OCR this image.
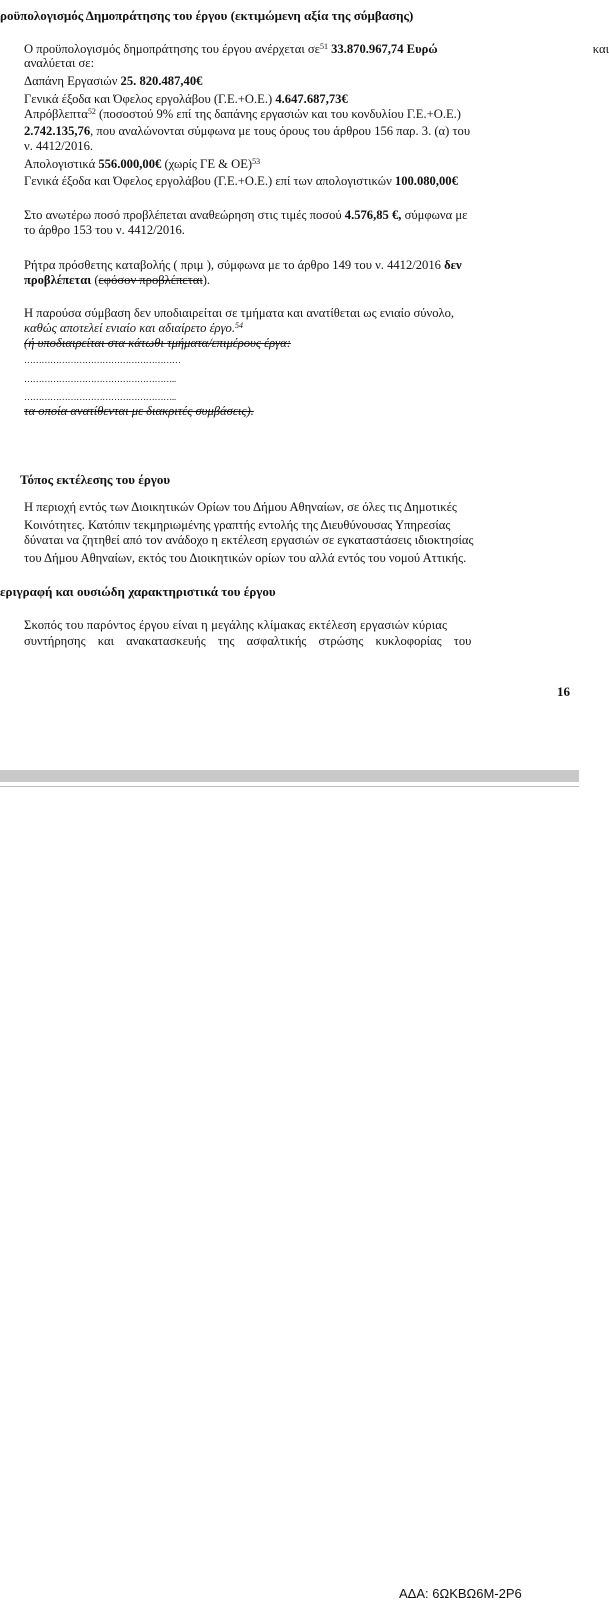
ροϋπολογισμός Δημοπράτησης του έργου (εκτιμώμενη αξία της σύμβασης)
Ο προϋπολογισμός δημοπράτησης του έργου ανέρχεται $\sigma\varepsilon^{51}$ 33.870.967,74 Ευρώ	και
αναλύεται σε:
Δαπάνη Εργασιών 25. 820.487,40€
Γενικά έξοδα και Όφελος εργολάβου (Γ.Ε.+Ο.Ε.) 4.647.687,73€
Απρόβλεπτα$^{52}$ (ποσοστού 9% επί της δαπάνης εργασιών και του κονδυλίου Γ.Ε.+Ο.Ε.)
2.742.135,76, που αναλώνονται σύμφωνα με τους όρους του άρθρου 156 παρ. 3. (α) του
ν. 4412/2016.
Απολογιστικά 556.000,00€ (χωρίς ΓΕ & ΟΕ)$^{53}$
Γενικά έξοδα και Όφελος εργολάβου (Γ.Ε.+Ο.Ε.) επί των απολογιστικών 100.080,00€
Στο ανωτέρω ποσό προβλέπεται αναθεώρηση στις τιμές ποσού 4.576,85 €, σύμφωνα με
το άρθρο 153 του ν. 4412/2016.
Ρήτρα πρόσθετης καταβολής ( πριμ ), σύμφωνα με το άρθρο 149 του ν. 4412/2016 δεν
προβλέπεται (εφόσον προβλέπεται).
Η παρούσα σύμβαση δεν υποδιαιρείται σε τμήματα και ανατίθεται ως ενιαίο σύνολο,
καθώς αποτελεί ενιαίο και αδιαίρετο έργο.$^{54}$
(ή υποδιαιρείται στα κάτωθι τμήματα/επιμέρους έργα:
………………………………………………
……………………………………………..
……………………………………………..
τα οποία ανατίθενται με διακριτές συμβάσεις).
Τόπος εκτέλεσης του έργου
Η περιοχή εντός των Διοικητικών Ορίων του Δήμου Αθηναίων, σε όλες τις Δημοτικές
Κοινότητες. Κατόπιν τεκμηριωμένης γραπτής εντολής της Διευθύνουσας Υπηρεσίας
δύναται να ζητηθεί από τον ανάδοχο η εκτέλεση εργασιών σε εγκαταστάσεις ιδιοκτησίας
του Δήμου Αθηναίων, εκτός του Διοικητικών ορίων του αλλά εντός του νομού Αττικής.
εριγραφή και ουσιώδη χαρακτηριστικά του έργου
Σκοπός του παρόντος έργου είναι η μεγάλης κλίμακας εκτέλεση εργασιών κύριας
συντήρησης και ανακατασκευής της ασφαλτικής στρώσης κυκλοφορίας του
16
ΑΔΑ: 6ΩΚΒΩ6Μ-2Ρ6
